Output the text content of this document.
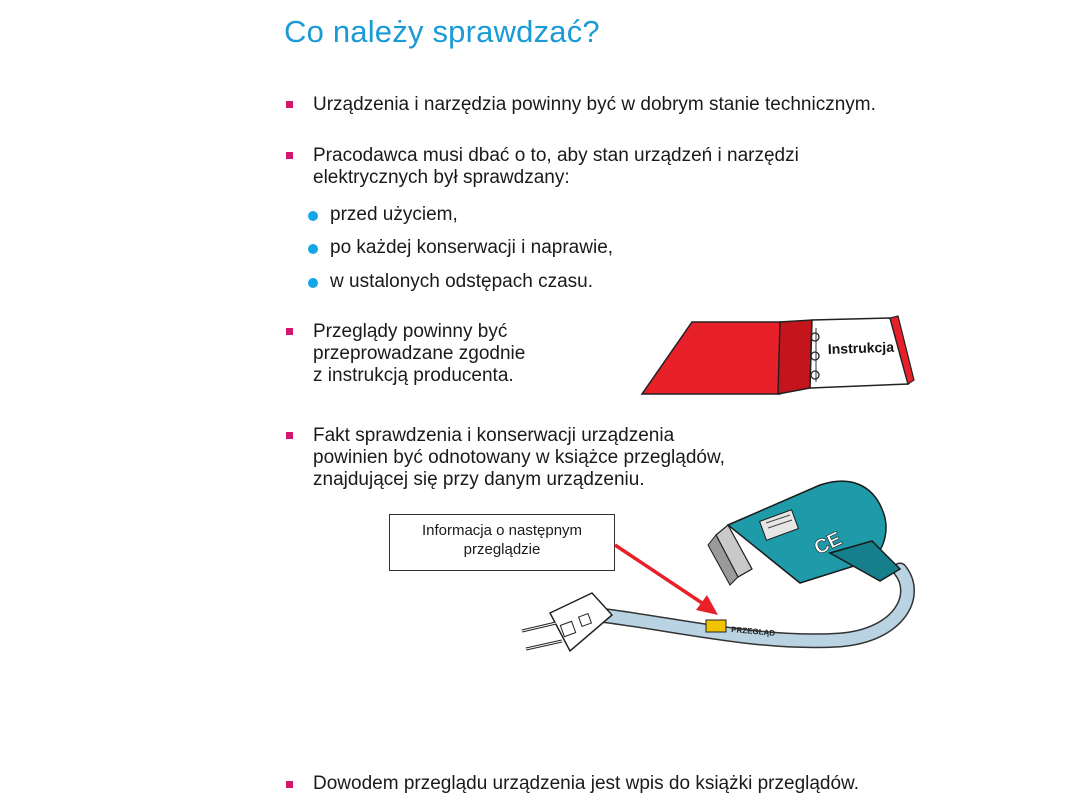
Co należy sprawdzać?
Urządzenia i narzędzia powinny być w dobrym stanie technicznym.
Pracodawca musi dbać o to, aby stan urządzeń i narzędzi
elektrycznych był sprawdzany:
przed użyciem,
po każdej konserwacji i naprawie,
w ustalonych odstępach czasu.
Przeglądy powinny być
przeprowadzane zgodnie
z instrukcją producenta.
Instrukcja
Fakt sprawdzenia i konserwacji urządzenia
powinien być odnotowany w książce przeglądów,
znajdującej się przy danym urządzeniu.
Informacja o następnym
przeglądzie
PRZEGLĄD
CE
Dowodem przeglądu urządzenia jest wpis do książki przeglądów.
